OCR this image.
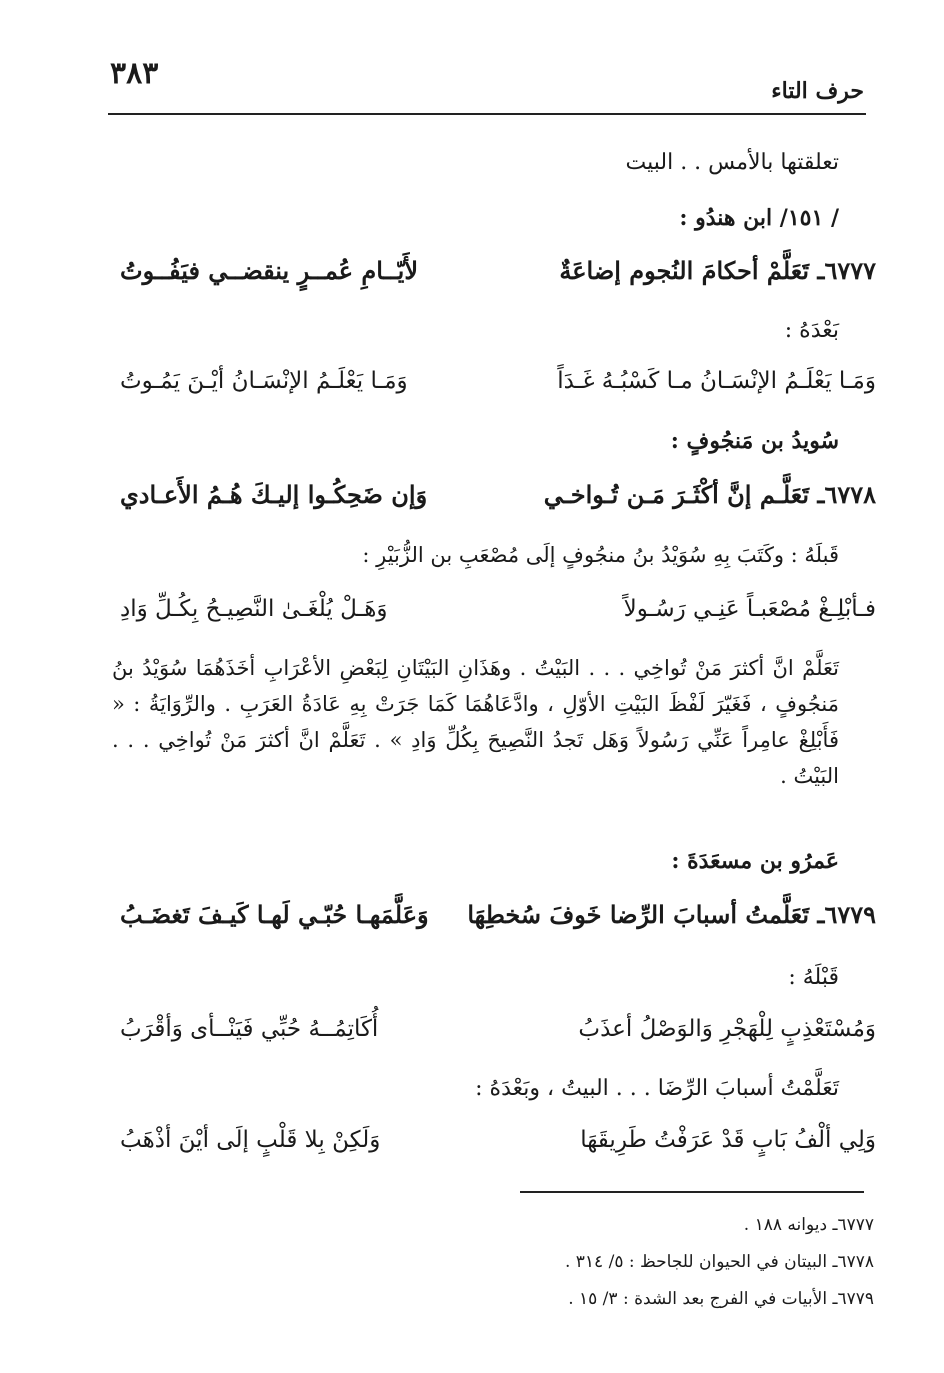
٣٨٣	حرف التاء
تعلقتها بالأمس . . البيت
/ ١٥١/ ابن هندُو :
٦٧٧٧ـ تَعَلَّمْ أحكامَ النُجوم إضاعَةٌ
لأَيّــامِ عُمــرٍ ينقضــي فيَفُــوتُ
بَعْدَهُ :
وَمَـا يَعْلَـمُ الإنْسَـانُ مـا كَسْبُـهُ غَـدَاً
وَمَـا يَعْلَـمُ الإنْسَـانُ أيْـنَ يَمُـوتُ
سُويدُ بن مَنجُوفٍ :
٦٧٧٨ـ تَعَلَّـم إنَّ أكْثَـرَ مَـن تُـواخـي
وَإن ضَحِكُـوا إليـكَ هُـمُ الأَعـادي
قَبلَهُ : وكَتَبَ بِهِ سُوَيْدُ بنُ منجُوفٍ إلَى مُصْعَبِ بن الزُّبَيْرِ :
فـأبْلِـغْ مُصْعَبـاً عَنِـي رَسُـولاً
وَهَـلْ يُلْغَـىٰ النَّصِيـحُ بِكُـلِّ وَادِ
تَعَلَّمْ انَّ أكثرَ مَنْ تُواخِي . . . البَيْتُ . وهَذَانِ البَيْتَانِ لِبَعْضِ الأعْرَابِ أخَذَهُمَا سُوَيْدُ بنُ مَنجُوفٍ ، فَغَيّرَ لَفْظَ البَيْتِ الأوّلِ ، وادَّعَاهُمَا كَمَا جَرَتْ بِهِ عَادَةُ العَرَبِ . والرِّوَايَةُ : « فَأَبْلِغْ عامِراً عَنِّي رَسُولاً وَهَل تَجدُ النَّصِيحَ بِكُلِّ وَادِ » . تَعَلَّمْ انَّ أكثرَ مَنْ تُواخِي . . . البَيْتُ .
عَمرُو بن مسعَدَةَ :
٦٧٧٩ـ تَعَلَّمتُ أسبابَ الرِّضا خَوفَ سُخطِهَا
وَعَلَّمَهـا حُبّـي لَهـا كَيـفَ تَغضَـبُ
قَبْلَهُ :
وَمُسْتَعْذِبٍ لِلْهَجْرِ وَالوَصْلُ أعذَبُ
أُكَاتِمُــهُ حُبِّي فَيَنْــأى وَأقْرَبُ
تَعَلَّمْتُ أسبابَ الرِّضَا . . . البيتُ ، وبَعْدَهُ :
وَلِي ألْفُ بَابٍ قَدْ عَرَفْتُ طَرِيقَهَا
وَلَكِنْ بِلا قَلْبٍ إلَى أيْنَ أذْهَبُ
٦٧٧٧ـ ديوانه ١٨٨ .
٦٧٧٨ـ البيتان في الحيوان للجاحظ : ٥/ ٣١٤ .
٦٧٧٩ـ الأبيات في الفرج بعد الشدة : ٣/ ١٥ .
